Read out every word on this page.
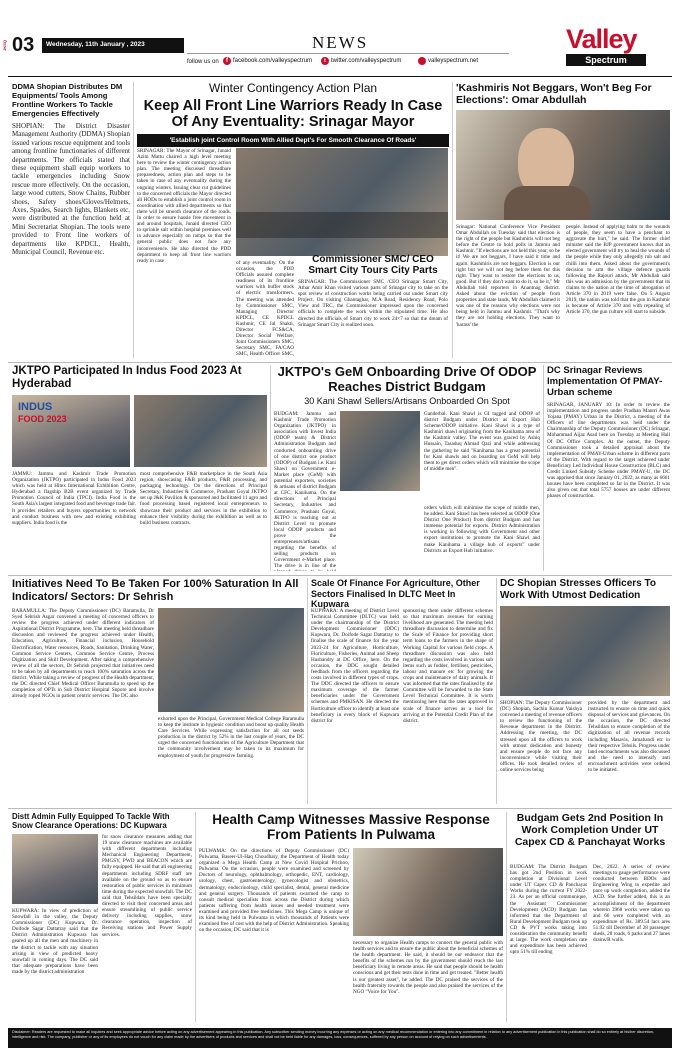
JKSQ 03	Wednesday, 11th January , 2023	NEWS
follow us on	f facebook.com/valleyspectrum	t twitter.com/valleyspectrum	valleyspectrum.net
Valley
Spectrum
DDMA Shopian Distributes DM Equipments/ Tools Among Frontline Workers To Tackle Emergencies Effectively
SHOPIAN: The District Disaster Management Authority (DDMA) Shopian issued various rescue equipment and tools among frontline functionaries of different departments. The officials stated that these equipment shall equip workers to tackle emergencies including Snow rescue more effectively. On the occasion, large wood cutters, Snow Chains, Rubber shoes, Safety shoes/Gloves/Helmets, Axes, Spades, Search lights, Blankets etc. were distributed at the function held at Mini Secretariat Shopian. The tools were provided to Front line workers of departments like KPDCL, Health, Municipal Council, Revenue etc.
Winter Contingency Action Plan
Keep All Front Line Warriors Ready In Case Of Any Eventuality: Srinagar Mayor
'Establish joint Control Room With Allied Dept's For Smooth Clearance Of Roads'
SRINAGAR: The Mayor of Srinagar, Junaid Azim Mattu chaired a high level meeting here to review the winter contingency action plan. The meeting discussed threadbare preparedness, action plan and steps to be taken in case of any eventuality during the ongoing winters. Issuing clear cut guidelines to the concerned officials the Mayor directed all HODs to establish a joint control room in coordination with allied departments so that there will be smooth clearance of the roads. In order to ensure hassle free movement in and around hospitals, Junaid directed CEO to sprinkle salt within hospital premises well in advance especially on ramps so that the general public does not face any inconvenience. He also directed the PDD department to keep all front line warriors ready in case	of any eventuality. On the occasion, the PDD Officials assured complete readiness of its frontline warriors with buffer stock of electric transformers. The meeting was attended by Commissioner SMC, Managing Director KPDCL, CE KPDCL Kashmir, CE Jal Shakti, Director FCS&CA, Director Social Welfare, Joint Commissioners SMC, Secretary SMC, FA/CAO SMC, Health Officer SMC,
Commissioner SMC/ CEO Smart City Tours City Parts
SRINAGAR: The Commissioner SMC /CEO Srinagar Smart City, Athar Amir Khan visited various parts of Srinagar city to take on the spot review of construction works being carried out under Smart city Project. On visiting Ghantaghar, M.A Road, Residency Road, Polo View and TRC, the Commissioner impressed upon the concerned officials to complete the work within the stipulated time. He also directed the officials of Smart city to work 24×7 so that the dream of Srinagar Smart City is realized soon.
'Kashmiris Not Beggars, Won't Beg For Elections': Omar Abdullah
Srinagar: National Conference Vice President Omar Abdullah on Tuesday said that election is the right of the people but Kashmiris will not beg before the Centre to hold polls in Jammu and Kashmir. "If elections are not held this year, so be it! We are not beggars, I have said it time and again. Kashmiris are not beggars. Election is our right but we will not beg before them for this right. They want to restore the elections to us, good. But if they don't want to do it, so be it," Mr Abdullah told reporters in Anantnag district. Asked about the eviction of people from properties and state lands, Mr Abdullah claimed it was one of the reasons why elections were not being held in Jammu and Kashmir. "That's why they are not holding elections. They want to 'harass' the
people. Instead of applying balm to the wounds of people, they seem to have a penchant to aggravate the hurt," he said. The former chief minister said the BJP government knows that an elected government will try to heal the wounds of the people while they only allegedly rub salt and chilli into them. Asked about the government's decision to arm the village defence guards following the Rajouri attack, Mr Abdullah said this was an admission by the government that its claims to the nation at the time of abrogation of Article 370 in 2019 were false. On 5 August 2019, the nation was told that the gun in Kashmir is because of Article 370 and with repealing of Article 370, the gun culture will start to subside.
JKTPO Participated In Indus Food 2023 At Hyderabad
INDUS
FOOD 2023
JAMMU: Jammu and Kashmir Trade Promotion Organization (JKTPO) participated in Indus Food 2023 which was held at Hitex International Exhibition Centre, Hyderabad a flagship B2B event organized by Trade Promotion Council of India (TPCI). India Food is the South Asia's largest integrated food and beverage trade fair. It provides retailers and buyers opportunities to network and conduct business with new and existing exhibiting suppliers. India food is the
most comprehensive F&B marketplace in the South Asia region, showcasing F&B products, F&B processing, and packaging technology. On the directions of Principal Secretary, Industries & Commerce, Prashant Goyal JKTPO set up J&K Pavilion & sponsored and facilitated 11 agro and food processing based registered local entrepreneurs to showcase their product and services in the exhibition to enhance their visibility during the exhibition as well as to build business contracts.
JKTPO's GeM Onboarding Drive Of ODOP Reaches District Budgam
30 Kani Shawl Sellers/Artisans Onboarded On Spot
BUDGAM: Jammu and Kashmir Trade Promotion Organization (JKTPO) in association with Invest India (ODOP team) & District Administration Budgam and conducted onboarding drive of one district one product (ODOP) of Budgam i.e. Kani Shawl on Government e-Market place (GeM) with potential exporters, societies & artisans of district Budgam at CFC, Kanihama. On the directions of Principal Secretary, Industries and Commerce, Prashant Goyal, JKTPO is reaching out at District Level to promote local ODOP products and prove the entrepreneurs/artisans regarding the benefits of selling products on Government e-Market place. The drive is in line of the
Ganderbal. Kani Shawl is GI tagged and ODOP of district Budgam under District as Export Hub Scheme/ODOP initiative. Kani Shawl is a type of Kashmiri shawl originating from the Kanihama area of the Kashmir valley. The event was graced by Ashiq Hussain, Tasaduq Ahmad Qazi and while addressing the gathering he said "Kanihama has a great potential for Kani shawls and on boarding on GeM will help them to get direct orders which will minimise the scope of middle men".
orders which will minimise the scope of middle men, he added. Kani Shawl has been selected as ODOP (One District One Product) from district Budgam and has immense potential for exports. District Administration is working in following with Government and other export institutions to promote the Kani Shawl and make Kanihama a village hub of exports" under Districts as Export Hub initiative.
DC Srinagar Reviews Implementation Of PMAY-Urban scheme
SRINAGAR, JANUARY 10: In order to review the implementation and progress under Pradhan Mantri Awas Yojana (PMAY) Urban in the District, a meeting of the Officers of line departments was held under the Chairmanship of the Deputy Commissioner (DC) Srinagar, Mohammad Aijaz Asad here on Tuesday at Meeting Hall Of DC Office Complex. At the outset, the Deputy Commissioner took a detailed appraisal about the implementation of PMAY-Urban scheme in different parts of the District. With regard to the target achieved under Beneficiary Led Individual House Construction (BLC) and Credit Linked Subsidy Scheme under PMAY-U, the DC was apprised that since January 01, 2022, as many as 6661 houses have been completed so far in the District. It was also given out that total 5757 houses are under different phases of construction.
Initiatives Need To Be Taken For 100% Saturation In All Indicators/ Sectors: Dr Sehrish
BARAMULLA: The Deputy Commissioner (DC) Baramulla, Dr Syed Sehrish Asgar convened a meeting of concerned officers to review the progress achieved under different indicators of Aspirational District Programme, here. The meeting held threadbare discussion and reviewed the progress achieved under Health, Education, Agriculture, Financial inclusion, Household Electrification, Water resources, Roads, Sanitation, Drinking Water, Common Service Centers, Common Service Centre, Process Digitization and Skill Development. After taking a comprehensive review of all the sectors, Dr Sehrish projected that initiatives need to be taken by all departments to reach 100% saturation across the district. While taking a review of progress of the Health department, the DC directed Chief Medical Officer Baramulla to speed up the completion of OPTs in Sub District Hospital Sopore and involve already roped NGOs in patient centric services. The DC also
exhorted upon the Principal, Government Medical College Baramulla to keep the institute in hygienic condition and boost up quality Health Care Services. While expressing satisfaction for all out seeds production in the district by 52% in the last couple of years, the DC urged the concerned functionaries of the Agriculture Department that the community involvement may be taken to its maximum for employment of youth for progressive farming.
Scale Of Finance For Agriculture, Other Sectors Finalised In DLTC Meet In Kupwara
KUPWARA: A meeting of District Level Technical Committee (DLTC) was held under the chairmanship of the District Development Commissioner (DDC) Kupwara, Dr. Doifode Sagar Dattatray to finalise the scale of finance for the year 2023-24 for Agriculture, Horticulture, Floriculture, Fisheries, Animal and Sheep Husbandry at DC Office, here. On the occasion, the DDC sought detailed feedback from the officers regarding the costs involved in different types of crops. The DDC directed the officers to ensure maximum coverage of the farmer beneficiaries under the Government schemes and PMKISAN. He directed the Horticulture officer to identify at least one beneficiary in every block of Kupwara district for
sponsoring them under different schemes so that maximum avenues for earning livelihood are generated. The meeting held threadbare discussion to determine and fix the Scale of Finance for providing short term loans to the farmers in the shape of Working Capital for various field crops. A threadbare discussion was also held regarding the costs involved in various sub items such as fodder, fertiliser, pesticides, labour and manure etc for growing the crops and maintenance of dairy animals. It was informed that the rates finalised by the Committee will be forwarded to the State Level Technical Committee. It is worth mentioning here that the rates approved in scale of finance serves as a tool for arriving at the Potential Credit Plan of the district.
DC Shopian Stresses Officers To Work With Utmost Dedication
SHOPIAN: The Deputy Commissioner (DC) Shopian, Sachin Kumar Vaishya convened a meeting of revenue officers to review the functioning of the Revenue department in the District. Addressing the meeting, the DC stressed upon all the officers to work with utmost dedication and honesty and ensure people do not face any inconvenience while visiting their offices. He took detailed review of online services being
provided by the department and instructed to ensure on time and quick disposal of services and grievances. On the occasion, the DC directed Tehsildars to ensure completion of the digitization of all revenue records including Masavis, Jamabandi etc in their respective Tehsils. Progress under land encroachments was also discussed and the need to intensify anti encroachment activities were ordered to be initiated.
Distt Admin Fully Equipped To Tackle With Snow Clearance Operations: DC Kupwara
KUPWARA: In view of prediction of Snowfall in the valley, the Deputy Commissioner (DC) Kupwara, Dr. Doifode Sagar Dattatray said that the District Administration Kupwara has geared up all the men and machinery in the district to tackle with any situation arising in view of predicted heavy snowfall in coming days. The DC said that adequate preparations have been made by the district administration
for snow clearance measures adding that 19 snow clearance machines are available with different departments including Mechanical Engineering Department, PMGSY, PWD and BEACON which are fully equipped. He said that all engineering departments including SDRF staff are available on the ground so as to ensure restoration of public services in minimum time during the expected snowfall. The DC said that Tehsildars have been specially directed to visit their concerned areas and ensure streamlining of public service delivery including supplies, snow clearance operation, inspection of Receiving stations and Power Supply services.
Health Camp Witnesses Massive Response From Patients In Pulwama
PULWAMA: On the directions of Deputy Commissioner (DC) Pulwama, Baseer-Ul-Haq Choudhary, the Department of Health today organized a Mega Health Camp at New Covid Hospital Prichoo, Pulwama. On the occasion, people were examined and screened by Doctors of neurology, ophthalmology, orthopedic, ENT, cardiology, urology, chest, gastroenterology, gynecologist and obstetrics, dermatology, endocrinology, child specialist, dental, general medicine and general surgery. Thousands of patients swarmed the camp to consult medical specialists from across the District during which patients suffering from health issues and needed treatment were examined and provided free medicines. This Mega Camp is unique of its kind being held in Pulwama in which thousands of Patients were examined free of cost with the help of District Administration. Speaking on the occasion, DC said that it is
necessary to organize Health camps to connect the general public with health services and to ensure the public about the beneficial schemes of the health department. He said, it should be our endeavor that the benefits of the schemes run by the government should reach the last beneficiary living in remote areas. He said that people should be health conscious and get their tests done in time and get treated. "Better health is our greatest asset", he added. The DC praised the services of the health fraternity towards the people and also praised the services of the NGO "Voice for You".
Budgam Gets 2nd Position In Work Completion Under UT Capex CD & Panchayat Works
BUDGAM: The District Budgam has got 2nd Position in work completion at Divisional Level under UT Capex CD & Panchayat Works during the current FY 2022-23. As per an official communique, the Assistant Commissioner Development (ACD) Budgam has informed that the Department of Rural Development Budgam took up CD & PVT works taking into consideration the community benefit at large. The work completion rate and expenditure has been achieved upto 51% till ending
Dec, 2022. A series of review meetings to gauge performance were conducted between BDOs and Engineering Wing to expedite and pace up work completion, added the ACD. She further added, this is an accomplishment of the department wherein 3968 works were taken up and 66 were completed with an expenditure of Rs. 389.54 lacs ares 51.92 till December of 28 passenger sheds, 28 roads, 6 parks and 27 lanes drains/R walls.
Disclaimer: Readers are requested to make all inquiries and seek appropriate advice before acting on any advertisement appearing in this publication. Any subscriber sending money incurring any expenses or acting on any medical recommendation or entering into any commitment in relation to any advertisement publication in this publication shall do so entirely at his/her discretion, intelligence and risk. The company, publisher or any of its employees do not vouch for any claim made by the advertisers of products and services and shall not be held liable for any damages, loss, consequences, suffered by any person on account of relying on such advertisements.
